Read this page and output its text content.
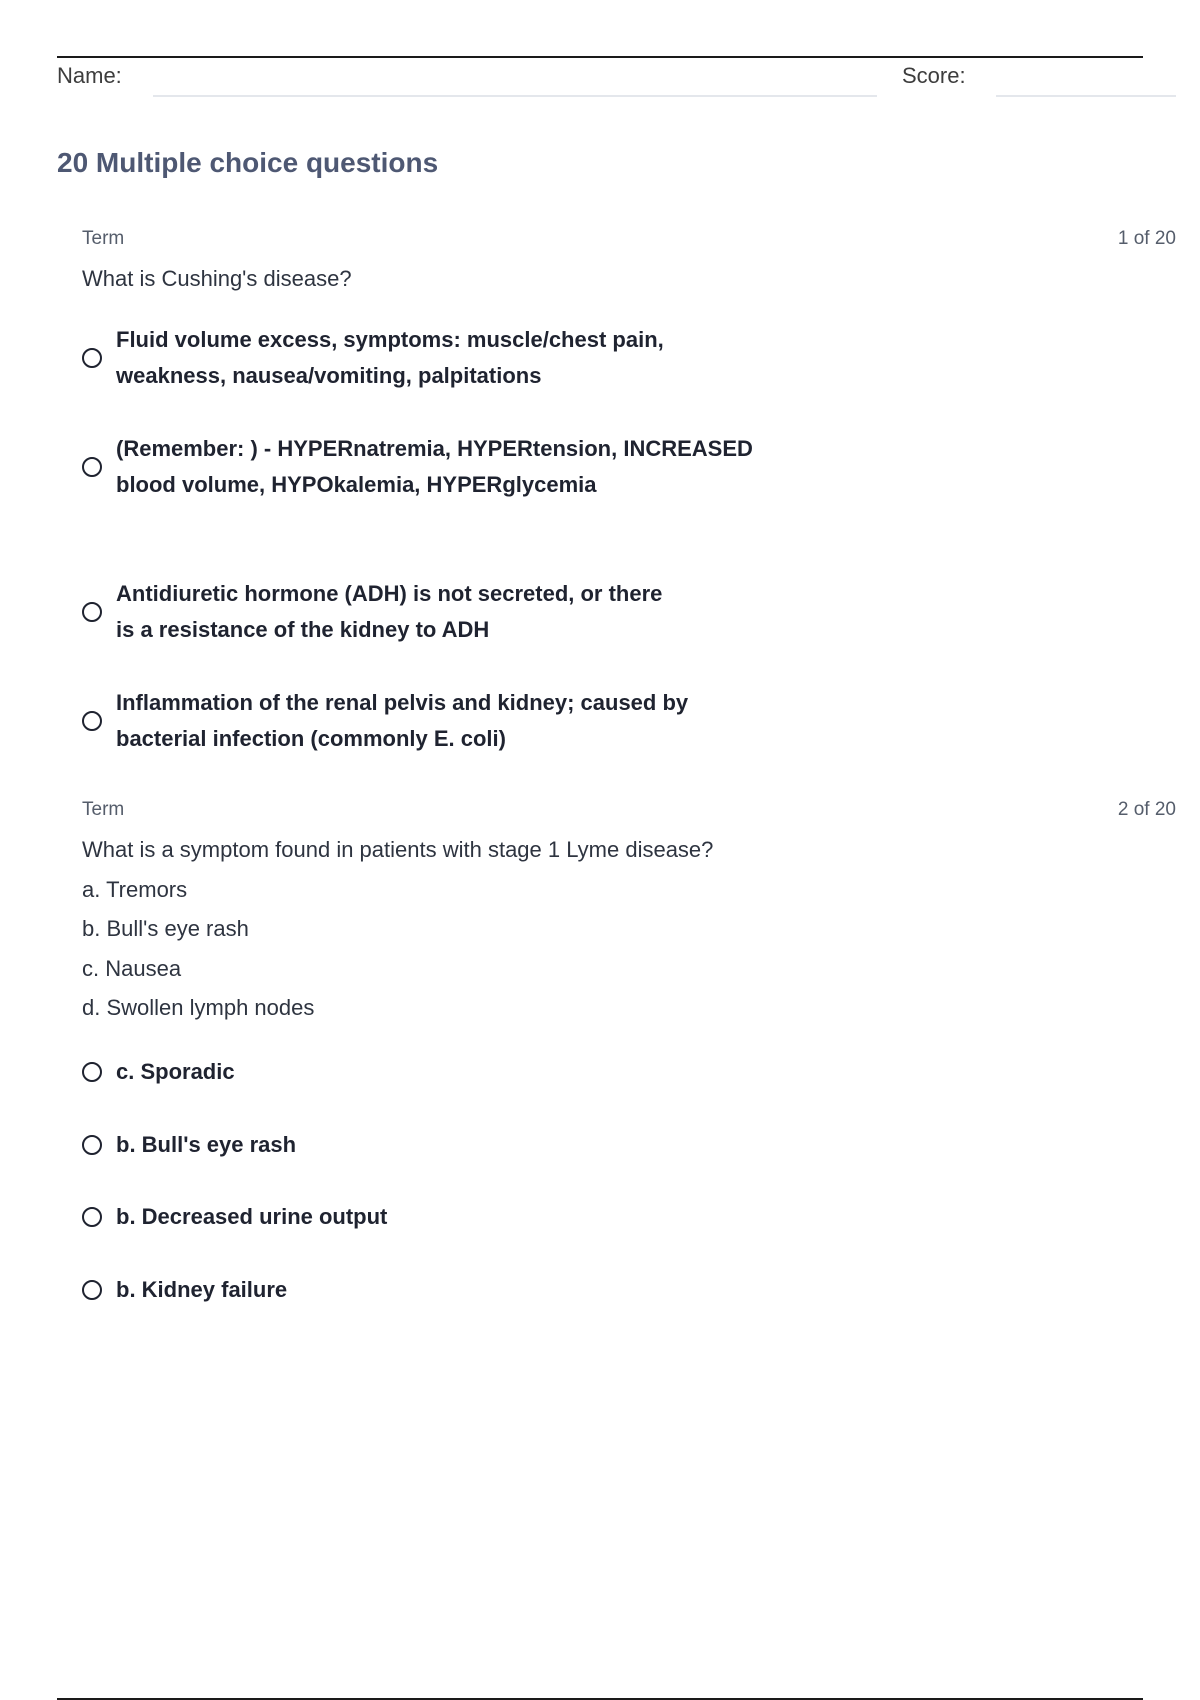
Name:	Score:
20 Multiple choice questions
Term	1 of 20
What is Cushing's disease?
Fluid volume excess, symptoms: muscle/chest pain, weakness, nausea/vomiting, palpitations
(Remember: ) - HYPERnatremia, HYPERtension, INCREASED blood volume, HYPOkalemia, HYPERglycemia
Antidiuretic hormone (ADH) is not secreted, or there is a resistance of the kidney to ADH
Inflammation of the renal pelvis and kidney; caused by bacterial infection (commonly E. coli)
Term	2 of 20
What is a symptom found in patients with stage 1 Lyme disease?
a. Tremors
b. Bull's eye rash
c. Nausea
d. Swollen lymph nodes
c. Sporadic
b. Bull's eye rash
b. Decreased urine output
b. Kidney failure
